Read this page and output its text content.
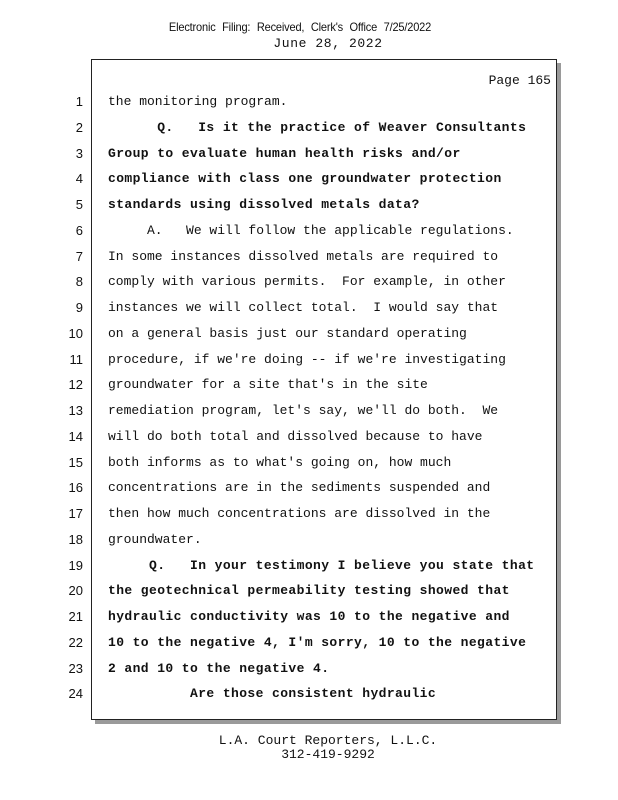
Electronic Filing: Received, Clerk's Office 7/25/2022
June 28, 2022
Page 165
1 the monitoring program.
2 Q.   Is it the practice of Weaver Consultants
3 Group to evaluate human health risks and/or
4 compliance with class one groundwater protection
5 standards using dissolved metals data?
6 A.   We will follow the applicable regulations.
7 In some instances dissolved metals are required to
8 comply with various permits.  For example, in other
9 instances we will collect total.  I would say that
10 on a general basis just our standard operating
11 procedure, if we're doing -- if we're investigating
12 groundwater for a site that's in the site
13 remediation program, let's say, we'll do both.  We
14 will do both total and dissolved because to have
15 both informs as to what's going on, how much
16 concentrations are in the sediments suspended and
17 then how much concentrations are dissolved in the
18 groundwater.
19 Q.   In your testimony I believe you state that
20 the geotechnical permeability testing showed that
21 hydraulic conductivity was 10 to the negative and
22 10 to the negative 4, I'm sorry, 10 to the negative
23 2 and 10 to the negative 4.
24 Are those consistent hydraulic
L.A. Court Reporters, L.L.C.
312-419-9292
